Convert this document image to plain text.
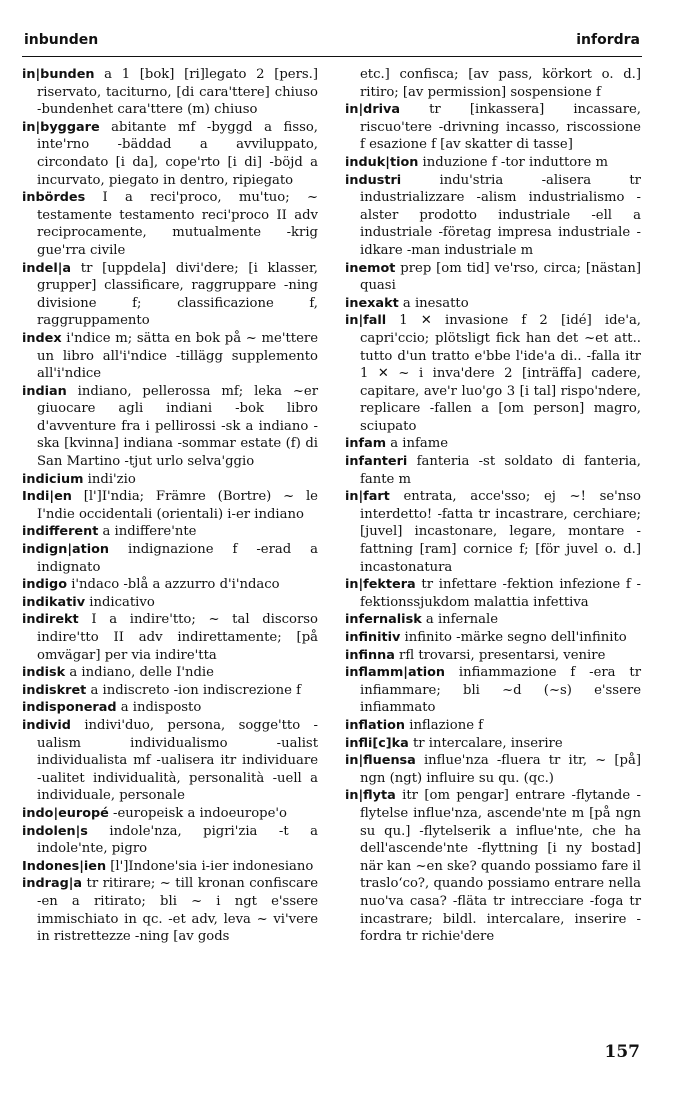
inbunden	infordra

in|bunden a 1 [bok] [ri]legato 2 [pers.] riservato, taciturno, [di cara'ttere] chiuso -bundenhet cara'ttere (m) chiuso

in|byggare abitante mf -byggd a fisso, inte'rno -bäddad a avviluppato, circondato [i da], cope'rto [i di] -böjd a incurvato, piegato in dentro, ripiegato

inbördes I a reci'proco, mu'tuo; ~ testamente testamento reci'proco II adv reciprocamente, mutualmente -krig gue'rra civile

indel|a tr [uppdela] divi'dere; [i klasser, grupper] classificare, raggruppare -ning divisione f; classificazione f, raggruppamento

index i'ndice m; sätta en bok på ~ me'ttere un libro all'i'ndice -tillägg supplemento all'i'ndice

indian indiano, pellerossa mf; leka ~er giuocare agli indiani -bok libro d'avventure fra i pellirossi -sk a indiano -ska [kvinna] indiana -sommar estate (f) di San Martino -tjut urlo selva'ggio

indicium indi'zio

Indi|en [l']I'ndia; Främre (Bortre) ~ le I'ndie occidentali (orientali) i-er indiano

indifferent a indiffere'nte

indign|ation indignazione f -erad a indignato

indigo i'ndaco -blå a azzurro d'i'ndaco

indikativ indicativo

indirekt I a indire'tto; ~ tal discorso indire'tto II adv indirettamente; [på omvägar] per via indire'tta

indisk a indiano, delle I'ndie

indiskret a indiscreto -ion indiscrezione f

indisponerad a indisposto

individ indivi'duo, persona, sogge'tto -ualism individualismo -ualist individualista mf -ualisera itr individuare -ualitet individualità, personalità -uell a individuale, personale

indo|europé -europeisk a indoeurope'o

indolen|s indole'nza, pigri'zia -t a indole'nte, pigro

Indones|ien [l']Indone'sia i-ier indonesiano

indrag|a tr ritirare; ~ till kronan confiscare -en a ritirato; bli ~ i ngt e'ssere immischiato in qc. -et adv, leva ~ vi'vere in ristrettezze -ning [av gods

etc.] confisca; [av pass, körkort o. d.] ritiro; [av permission] sospensione f

in|driva tr [inkassera] incassare, riscuo'tere -drivning incasso, riscossione f esazione f [av skatter di tasse]

induk|tion induzione f -tor induttore m

industri indu'stria -alisera tr industrializzare -alism industrialismo -alster prodotto industriale -ell a industriale -företag impresa industriale -idkare -man industriale m

inemot prep [om tid] ve'rso, circa; [nästan] quasi

inexakt a inesatto

in|fall 1 ✕ invasione f 2 [idé] ide'a, capri'ccio; plötsligt fick han det ~et att.. tutto d'un tratto e'bbe l'ide'a di.. -falla itr 1 ✕ ~ i inva'dere 2 [inträffa] cadere, capitare, ave'r luo'go 3 [i tal] rispo'ndere, replicare -fallen a [om person] magro, sciupato

infam a infame

infanteri fanteria -st soldato di fanteria, fante m

in|fart entrata, acce'sso; ej ~! se'nso interdetto! -fatta tr incastrare, cerchiare; [juvel] incastonare, legare, montare -fattning [ram] cornice f; [för juvel o. d.] incastonatura

in|fektera tr infettare -fektion infezione f -fektionssjukdom malattia infettiva

infernalisk a infernale

infinitiv infinito -märke segno dell'infinito

infinna rfl trovarsi, presentarsi, venire

inflamm|ation infiammazione f -era tr infiammare; bli ~d (~s) e'ssere infiammato

inflation inflazione f

infli[c]ka tr intercalare, inserire

in|fluensa influe'nza -fluera tr itr, ~ [på] ngn (ngt) influire su qu. (qc.)

in|flyta itr [om pengar] entrare -flytande -flytelse influe'nza, ascende'nte m [på ngn su qu.] -flytelserik a influe'nte, che ha dell'ascende'nte -flyttning [i ny bostad] när kan ~en ske? quando possiamo fare il trasloʻco?, quando possiamo entrare nella nuo'va casa? -fläta tr intrecciare -foga tr incastrare; bildl. intercalare, inserire -fordra tr richie'dere

157
